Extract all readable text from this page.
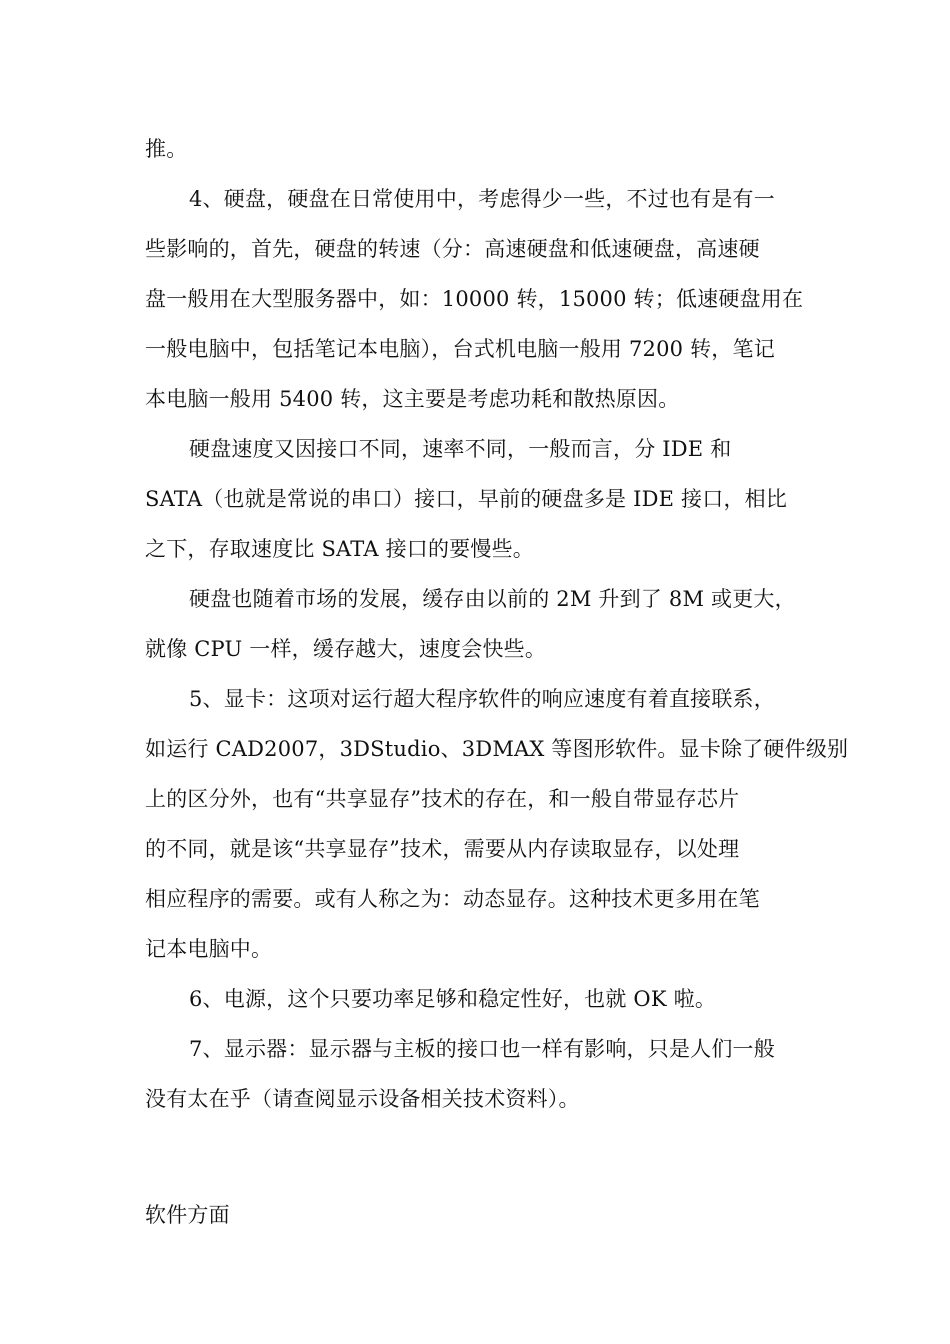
推。
4、硬盘，硬盘在日常使用中，考虑得少一些，不过也有是有一
些影响的，首先，硬盘的转速（分：高速硬盘和低速硬盘，高速硬
盘一般用在大型服务器中，如：10000 转，15000 转；低速硬盘用在
一般电脑中，包括笔记本电脑），台式机电脑一般用 7200 转，笔记
本电脑一般用 5400 转，这主要是考虑功耗和散热原因。
硬盘速度又因接口不同，速率不同，一般而言，分 IDE 和
SATA（也就是常说的串口）接口，早前的硬盘多是 IDE 接口，相比
之下，存取速度比 SATA 接口的要慢些。
硬盘也随着市场的发展，缓存由以前的 2M 升到了 8M 或更大，
就像 CPU 一样，缓存越大，速度会快些。
5、显卡：这项对运行超大程序软件的响应速度有着直接联系，
如运行 CAD2007，3DStudio、3DMAX 等图形软件。显卡除了硬件级别
上的区分外，也有“共享显存”技术的存在，和一般自带显存芯片
的不同，就是该“共享显存”技术，需要从内存读取显存，以处理
相应程序的需要。或有人称之为：动态显存。这种技术更多用在笔
记本电脑中。
6、电源，这个只要功率足够和稳定性好，也就 OK 啦。
7、显示器：显示器与主板的接口也一样有影响，只是人们一般
没有太在乎（请查阅显示设备相关技术资料）。
软件方面
